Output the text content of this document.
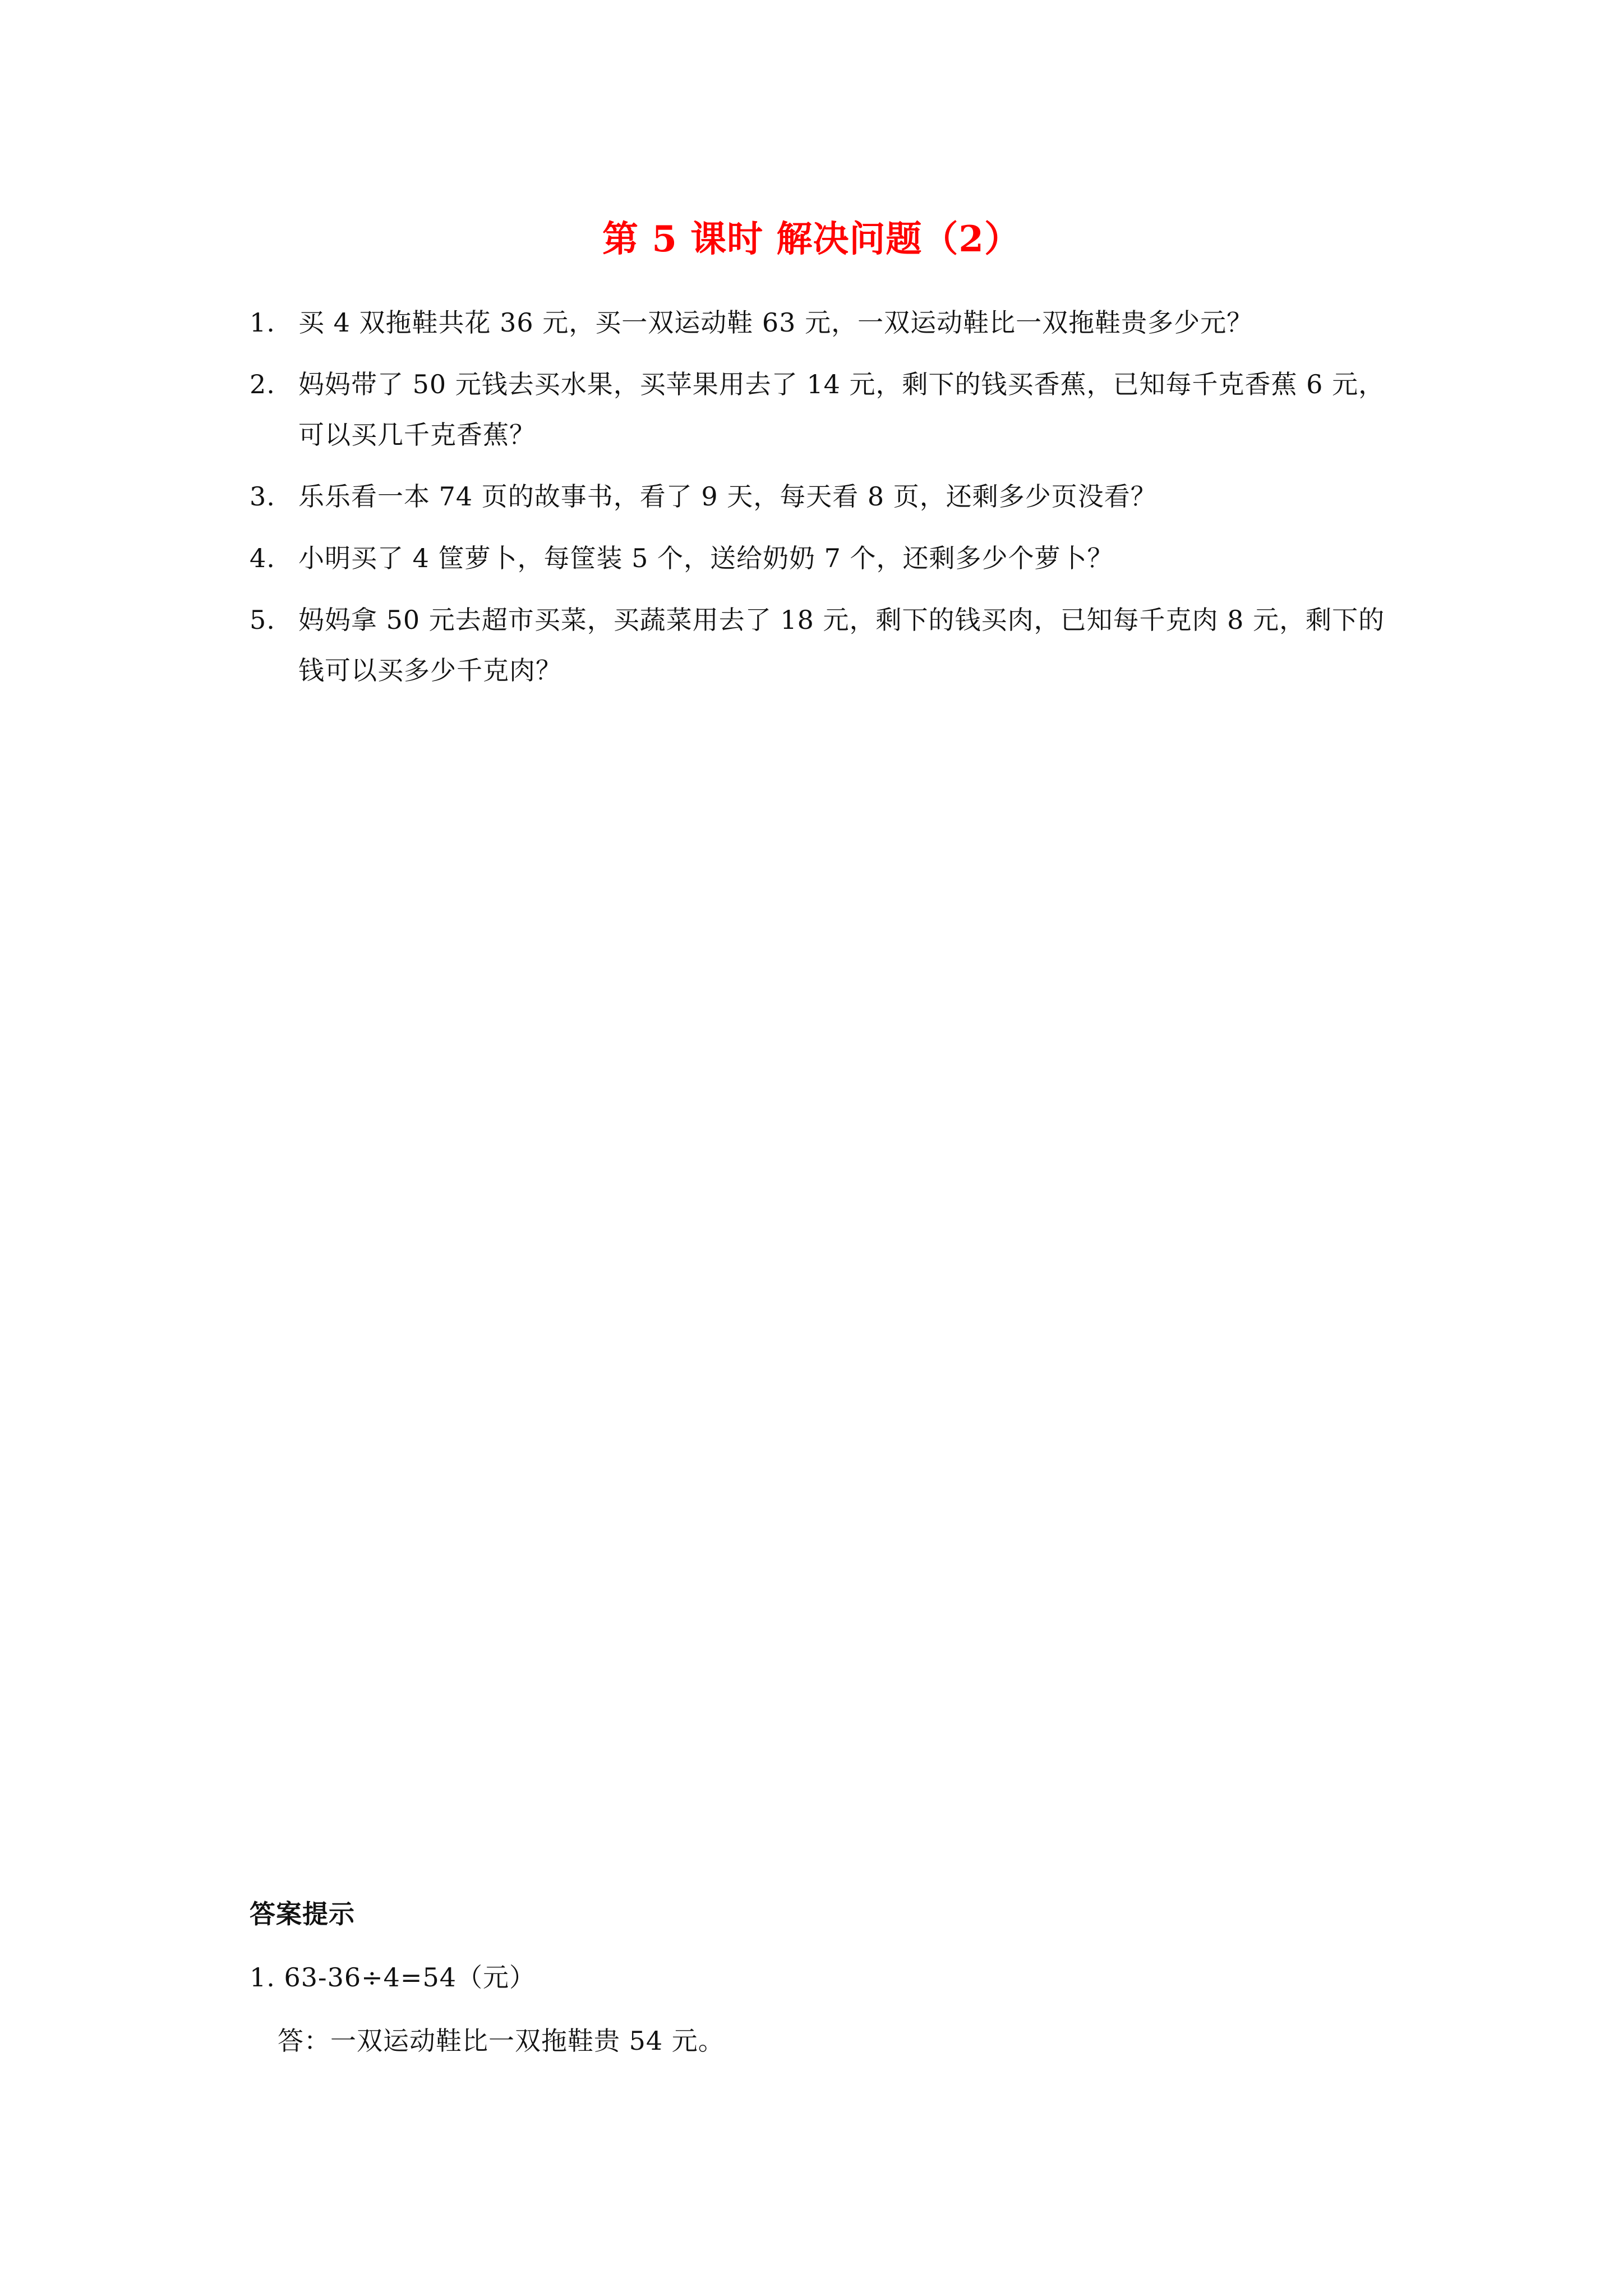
第 5 课时 解决问题（2）
1. 买 4 双拖鞋共花 36 元，买一双运动鞋 63 元，一双运动鞋比一双拖鞋贵多少元？
2. 妈妈带了 50 元钱去买水果，买苹果用去了 14 元，剩下的钱买香蕉，已知每千克香蕉 6 元，可以买几千克香蕉？
3. 乐乐看一本 74 页的故事书，看了 9 天，每天看 8 页，还剩多少页没看？
4. 小明买了 4 筐萝卜，每筐装 5 个，送给奶奶 7 个，还剩多少个萝卜？
5. 妈妈拿 50 元去超市买菜，买蔬菜用去了 18 元，剩下的钱买肉，已知每千克肉 8 元，剩下的钱可以买多少千克肉？
答案提示
1. 63-36÷4=54（元）
答：一双运动鞋比一双拖鞋贵 54 元。
